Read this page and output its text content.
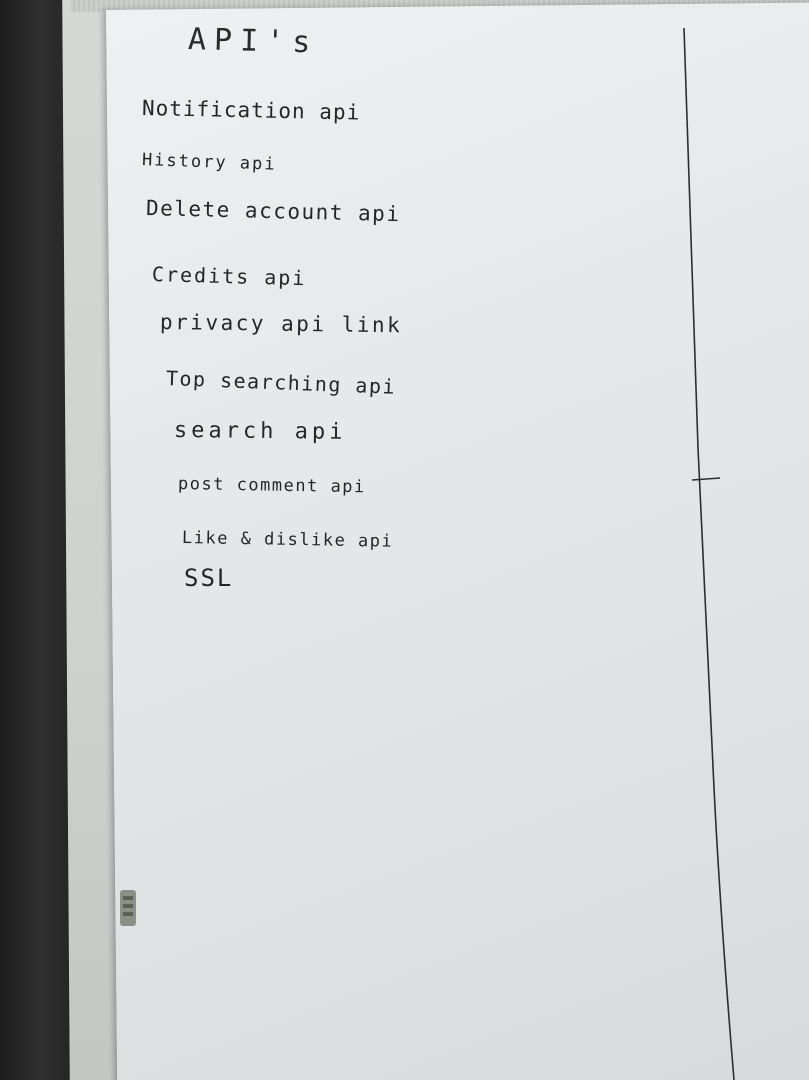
API's
Notification api
History api
Delete account api
Credits api
privacy api link
Top searching api
search api
post comment api
Like & dislike api
SSL
